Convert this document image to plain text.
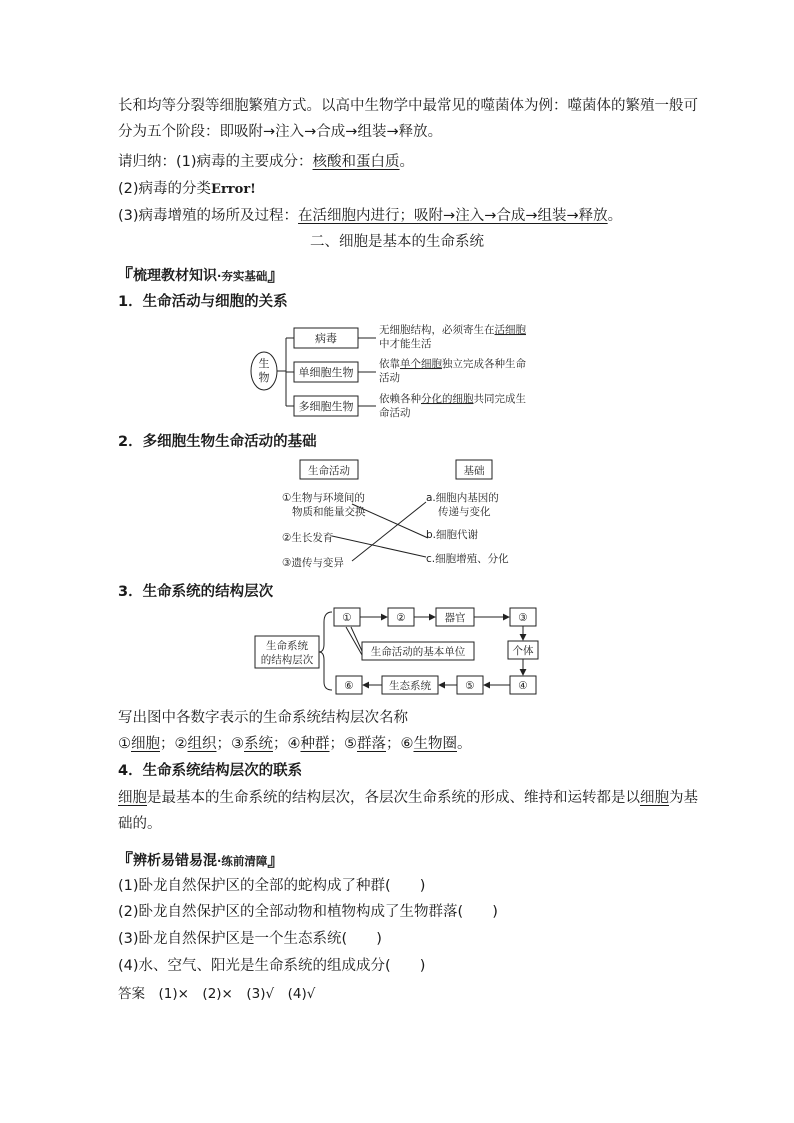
长和均等分裂等细胞繁殖方式。以高中生物学中最常见的噬菌体为例：噬菌体的繁殖一般可
分为五个阶段：即吸附→注入→合成→组装→释放。
请归纳：(1)病毒的主要成分：核酸和蛋白质。
(2)病毒的分类Error!
(3)病毒增殖的场所及过程：在活细胞内进行；吸附→注入→合成→组装→释放。
二、细胞是基本的生命系统
『梳理教材知识·夯实基础』
1．生命活动与细胞的关系
生
物
病毒
单细胞生物
多细胞生物
无细胞结构，必须寄生在活细胞
中才能生活
依靠单个细胞独立完成各种生命
活动
依赖各种分化的细胞共同完成生
命活动
2．多细胞生物生命活动的基础
生命活动	基础
①生物与环境间的
物质和能量交换
②生长发育
③遗传与变异
a.细胞内基因的
传递与变化
b.细胞代谢
c.细胞增殖、分化
3．生命系统的结构层次
生命系统
的结构层次
①	②	器官	③
个体
④
⑤
生态系统
⑥
生命活动的基本单位
写出图中各数字表示的生命系统结构层次名称
①细胞；②组织；③系统；④种群；⑤群落；⑥生物圈。
4．生命系统结构层次的联系
细胞是最基本的生命系统的结构层次，各层次生命系统的形成、维持和运转都是以细胞为基
础的。
『辨析易错易混·练前清障』
(1)卧龙自然保护区的全部的蛇构成了种群(　　)
(2)卧龙自然保护区的全部动物和植物构成了生物群落(　　)
(3)卧龙自然保护区是一个生态系统(　　)
(4)水、空气、阳光是生命系统的组成成分(　　)
答案　(1)×　(2)×　(3)√　(4)√
